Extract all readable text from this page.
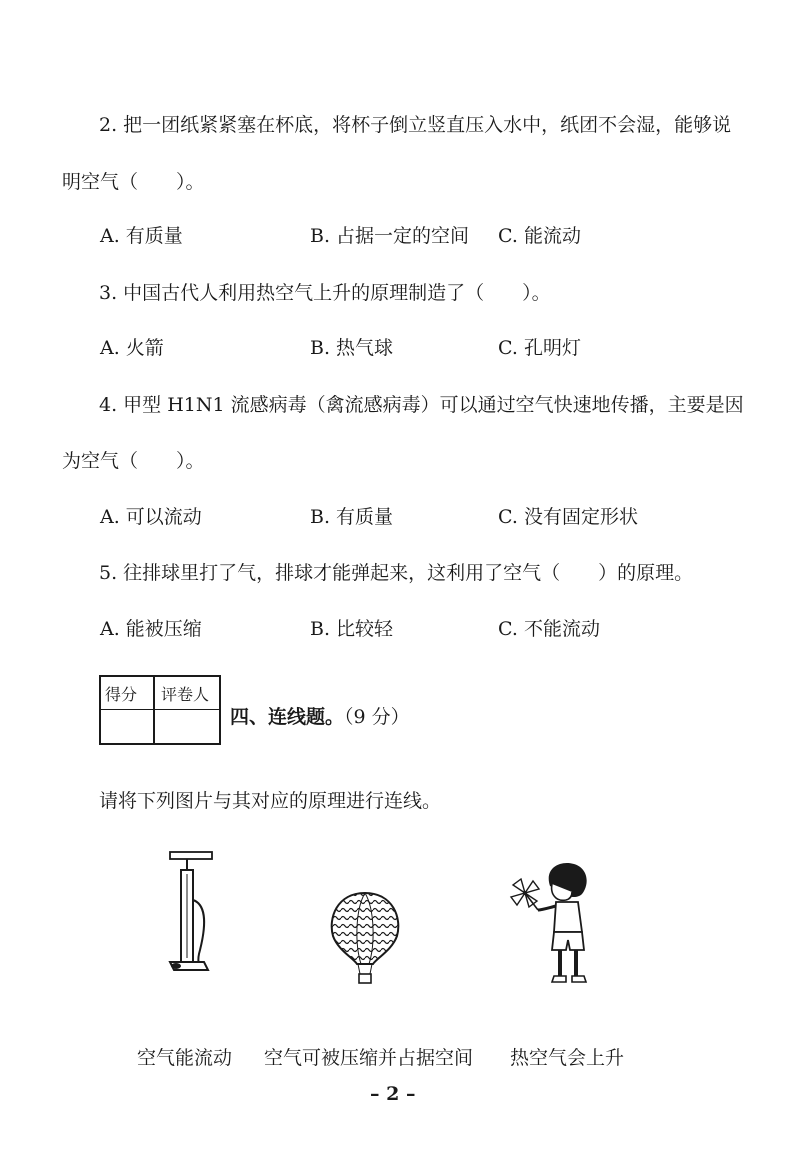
2. 把一团纸紧紧塞在杯底，将杯子倒立竖直压入水中，纸团不会湿，能够说
明空气（　　）。
A. 有质量	B. 占据一定的空间 C. 能流动
3. 中国古代人利用热空气上升的原理制造了（　　）。
A. 火箭	B. 热气球	C. 孔明灯
4. 甲型 H1N1 流感病毒（禽流感病毒）可以通过空气快速地传播，主要是因
为空气（　　）。
A. 可以流动	B. 有质量	C. 没有固定形状
5. 往排球里打了气，排球才能弹起来，这利用了空气（　　）的原理。
A. 能被压缩	B. 比较轻	C. 不能流动
得分 评卷人
四、连线题。（9 分）
请将下列图片与其对应的原理进行连线。
空气能流动 空气可被压缩并占据空间 热空气会上升
– 2 –
